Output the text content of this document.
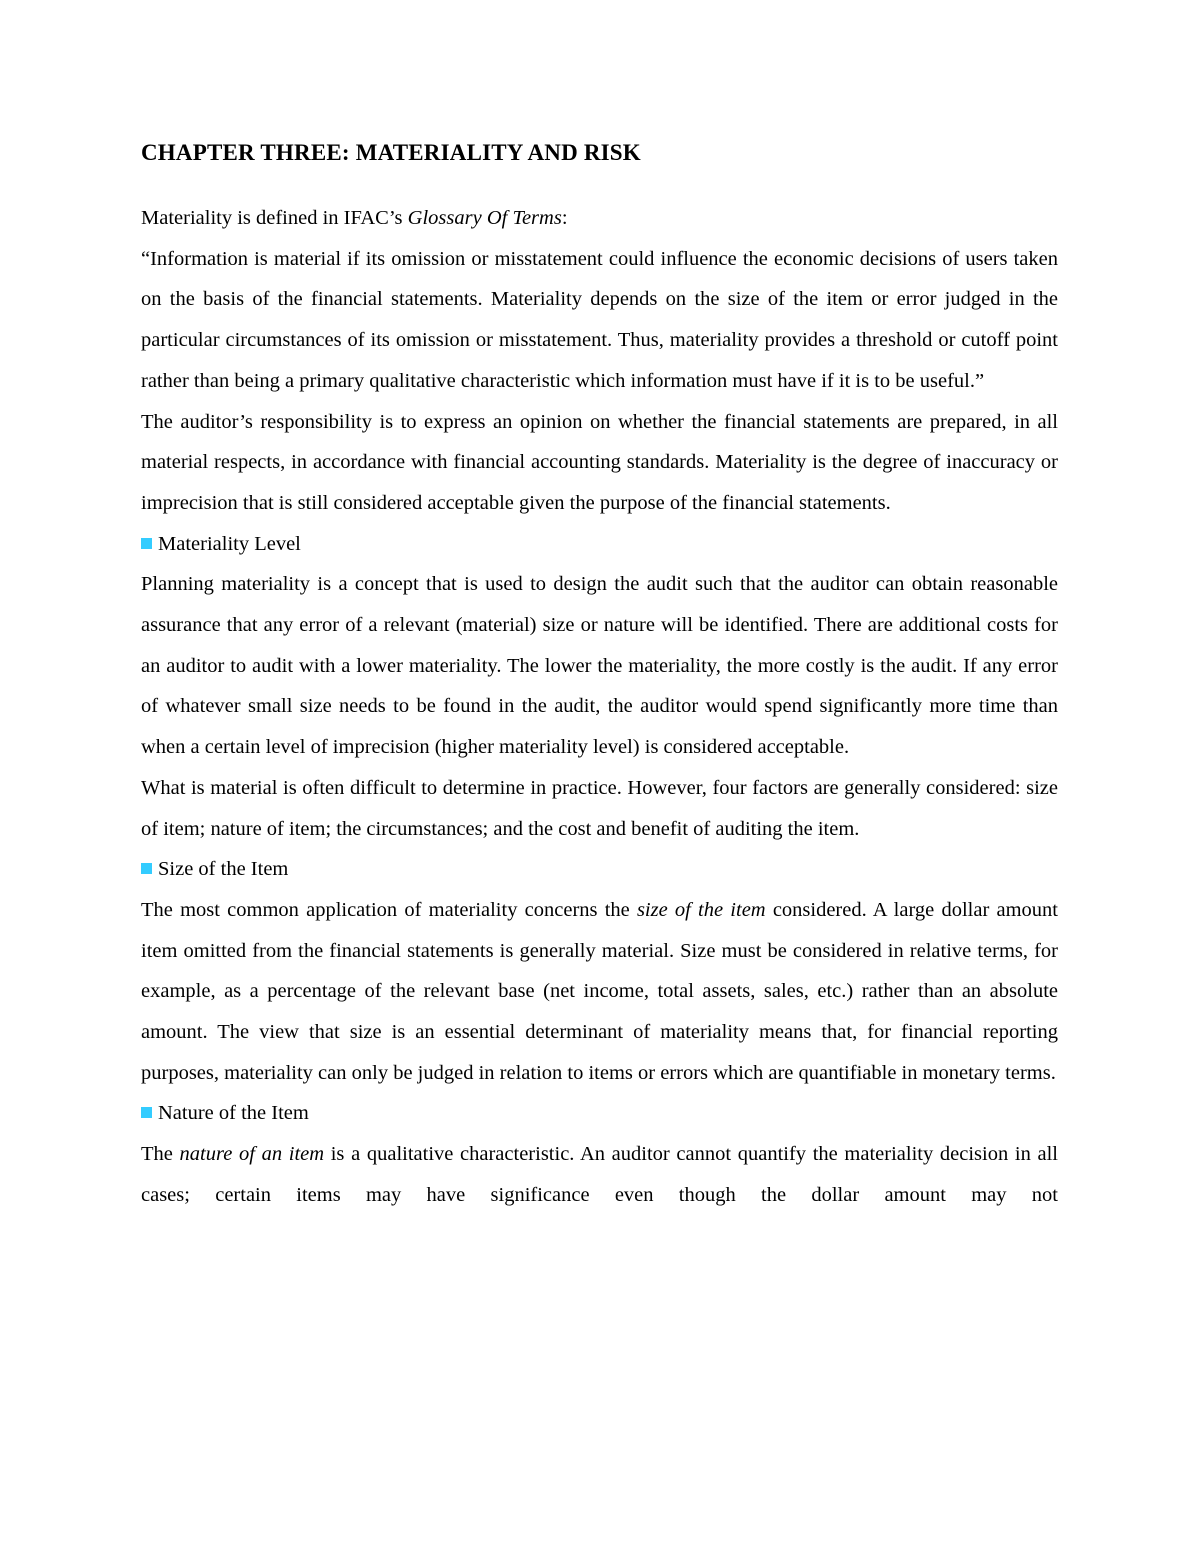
CHAPTER THREE: MATERIALITY AND RISK

Materiality is defined in IFAC’s Glossary Of Terms:

“Information is material if its omission or misstatement could influence the economic decisions of users taken on the basis of the financial statements. Materiality depends on the size of the item or error judged in the particular circumstances of its omission or misstatement. Thus, materiality provides a threshold or cutoff point rather than being a primary qualitative characteristic which information must have if it is to be useful.”

The auditor’s responsibility is to express an opinion on whether the financial statements are prepared, in all material respects, in accordance with financial accounting standards. Materiality is the degree of inaccuracy or imprecision that is still considered acceptable given the purpose of the financial statements.

Materiality Level

Planning materiality is a concept that is used to design the audit such that the auditor can obtain reasonable assurance that any error of a relevant (material) size or nature will be identified. There are additional costs for an auditor to audit with a lower materiality. The lower the materiality, the more costly is the audit. If any error of whatever small size needs to be found in the audit, the auditor would spend significantly more time than when a certain level of imprecision (higher materiality level) is considered acceptable.

What is material is often difficult to determine in practice. However, four factors are generally considered: size of item; nature of item; the circumstances; and the cost and benefit of auditing the item.

Size of the Item

The most common application of materiality concerns the size of the item considered. A large dollar amount item omitted from the financial statements is generally material. Size must be considered in relative terms, for example, as a percentage of the relevant base (net income, total assets, sales, etc.) rather than an absolute amount. The view that size is an essential determinant of materiality means that, for financial reporting purposes, materiality can only be judged in relation to items or errors which are quantifiable in monetary terms.

Nature of the Item

The nature of an item is a qualitative characteristic. An auditor cannot quantify the materiality decision in all cases; certain items may have significance even though the dollar amount may not
